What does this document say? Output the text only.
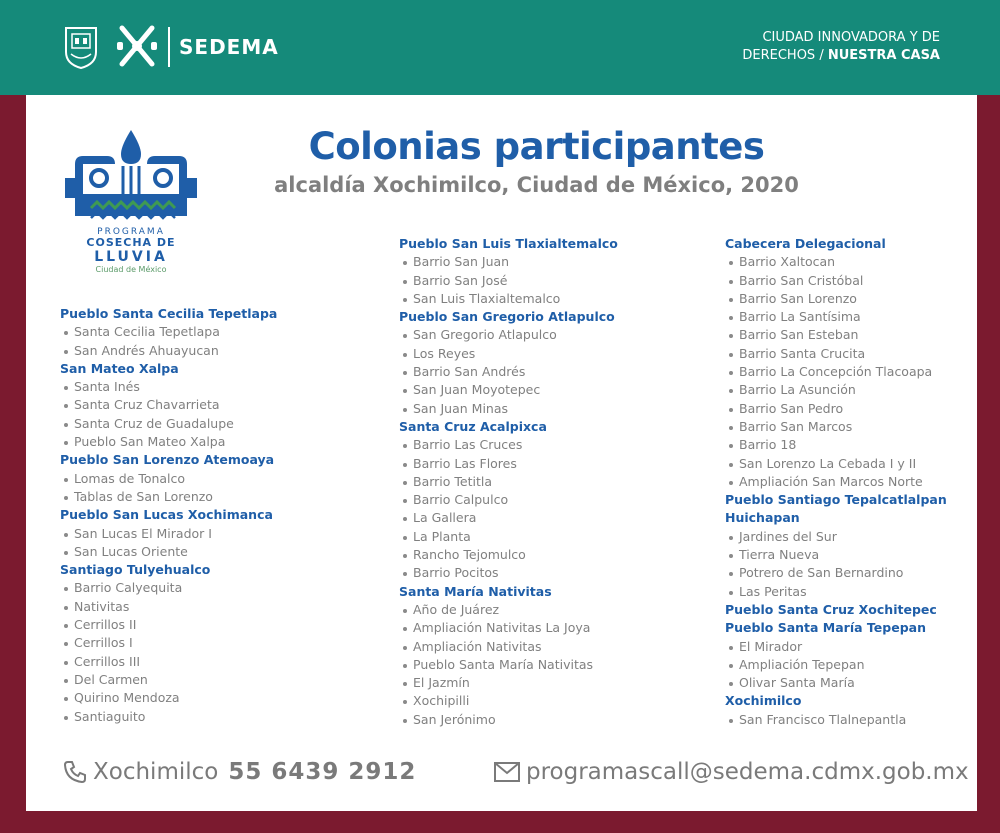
SEDEMA	CIUDAD INNOVADORA Y DE
DERECHOS / NUESTRA CASA
PROGRAMA
COSECHA DE
LLUVIA
Ciudad de México
Colonias participantes
alcaldía Xochimilco, Ciudad de México, 2020
Pueblo Santa Cecilia Tepetlapa
Santa Cecilia Tepetlapa
San Andrés Ahuayucan
San Mateo Xalpa
Santa Inés
Santa Cruz Chavarrieta
Santa Cruz de Guadalupe
Pueblo San Mateo Xalpa
Pueblo San Lorenzo Atemoaya
Lomas de Tonalco
Tablas de San Lorenzo
Pueblo San Lucas Xochimanca
San Lucas El Mirador I
San Lucas Oriente
Santiago Tulyehualco
Barrio Calyequita
Nativitas
Cerrillos II
Cerrillos I
Cerrillos III
Del Carmen
Quirino Mendoza
Santiaguito
Pueblo San Luis Tlaxialtemalco
Barrio San Juan
Barrio San José
San Luis Tlaxialtemalco
Pueblo San Gregorio Atlapulco
San Gregorio Atlapulco
Los Reyes
Barrio San Andrés
San Juan Moyotepec
San Juan Minas
Santa Cruz Acalpixca
Barrio Las Cruces
Barrio Las Flores
Barrio Tetitla
Barrio Calpulco
La Gallera
La Planta
Rancho Tejomulco
Barrio Pocitos
Santa María Nativitas
Año de Juárez
Ampliación Nativitas La Joya
Ampliación Nativitas
Pueblo Santa María Nativitas
El Jazmín
Xochipilli
San Jerónimo
Cabecera Delegacional
Barrio Xaltocan
Barrio San Cristóbal
Barrio San Lorenzo
Barrio La Santísima
Barrio San Esteban
Barrio Santa Crucita
Barrio La Concepción Tlacoapa
Barrio La Asunción
Barrio San Pedro
Barrio San Marcos
Barrio 18
San Lorenzo La Cebada I y II
Ampliación San Marcos Norte
Pueblo Santiago Tepalcatlalpan
Huichapan
Jardines del Sur
Tierra Nueva
Potrero de San Bernardino
Las Peritas
Pueblo Santa Cruz Xochitepec
Pueblo Santa María Tepepan
El Mirador
Ampliación Tepepan
Olivar Santa María
Xochimilco
San Francisco Tlalnepantla
Xochimilco 55 6439 2912	programascall@sedema.cdmx.gob.mx
